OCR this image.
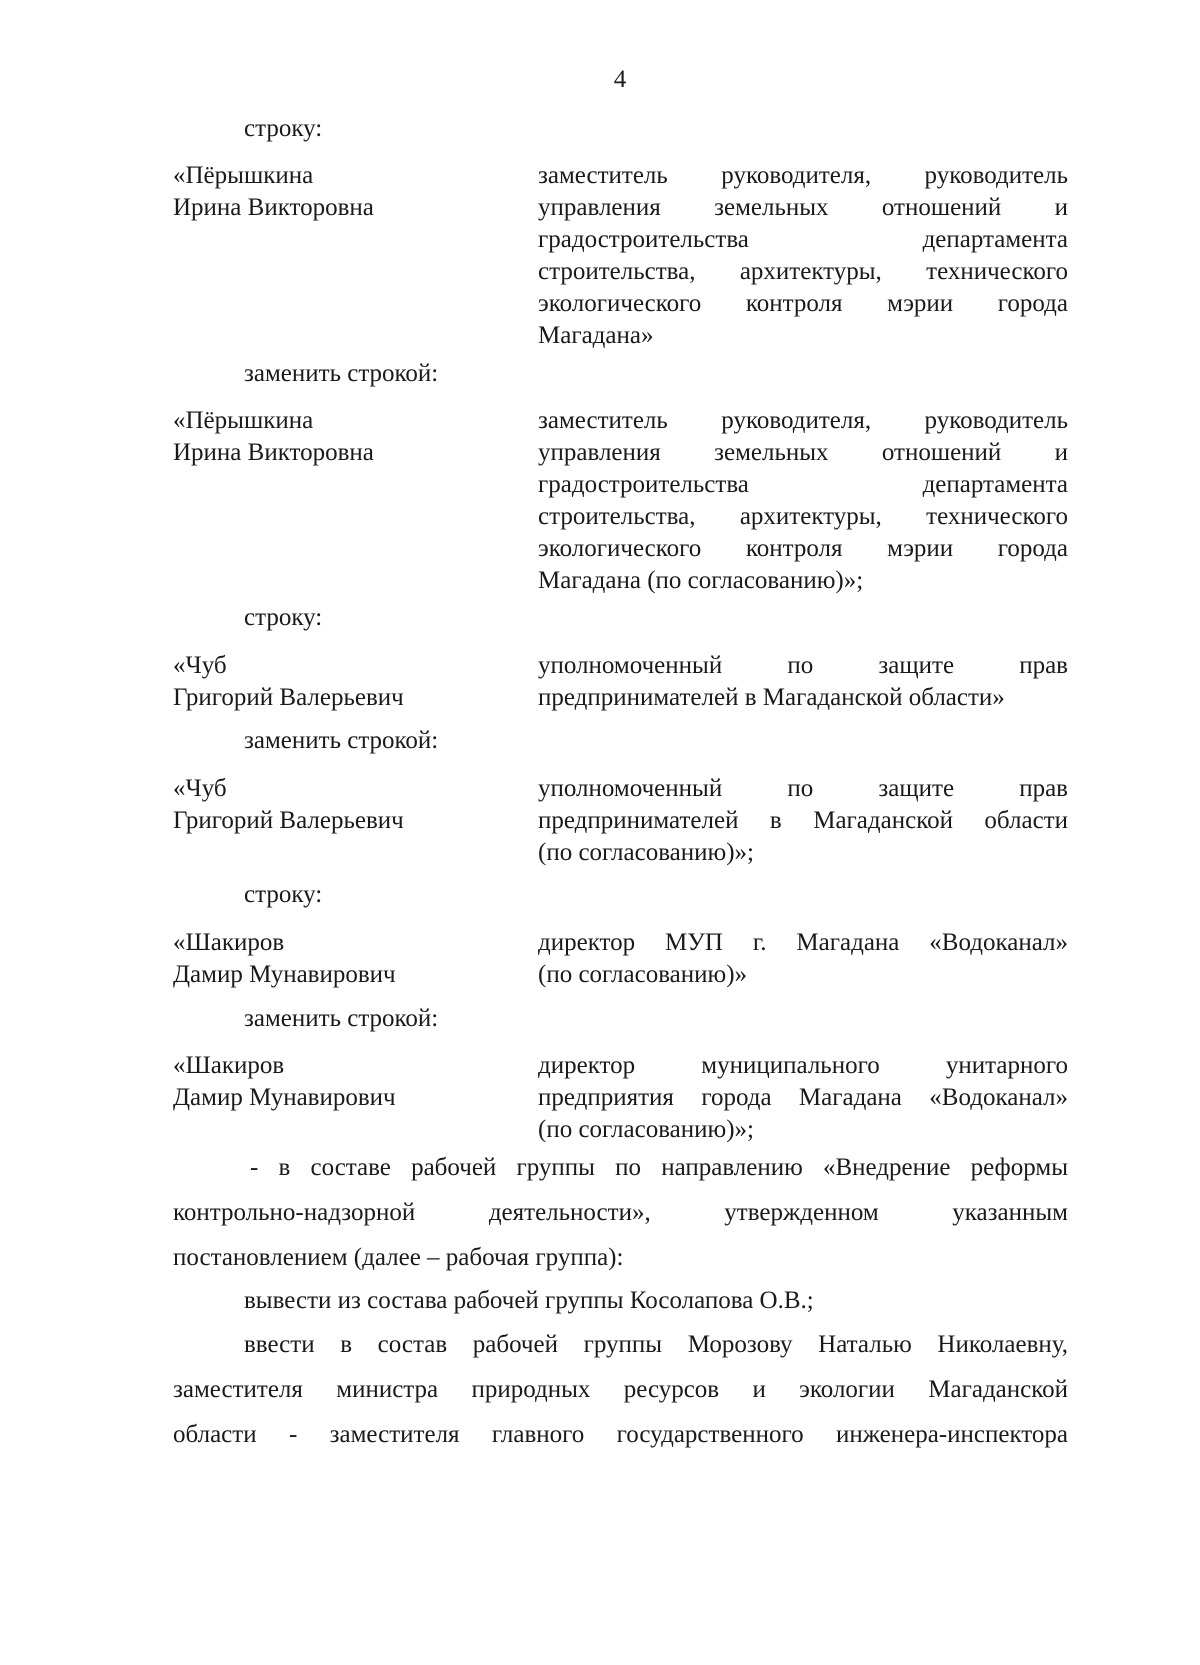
4
строку:
«Пёрышкина
Ирина Викторовна
заместитель руководителя, руководитель
управления земельных отношений и
градостроительства департамента
строительства, архитектуры, технического
экологического контроля мэрии города
Магадана»
заменить строкой:
«Пёрышкина
Ирина Викторовна
заместитель руководителя, руководитель
управления земельных отношений и
градостроительства департамента
строительства, архитектуры, технического
экологического контроля мэрии города
Магадана (по согласованию)»;
строку:
«Чуб
Григорий Валерьевич
уполномоченный по защите прав
предпринимателей в Магаданской области»
заменить строкой:
«Чуб
Григорий Валерьевич
уполномоченный по защите прав
предпринимателей в Магаданской области
(по согласованию)»;
строку:
«Шакиров
Дамир Мунавирович
директор МУП г. Магадана «Водоканал»
(по согласованию)»
заменить строкой:
«Шакиров
Дамир Мунавирович
директор муниципального унитарного
предприятия города Магадана «Водоканал»
(по согласованию)»;
- в составе рабочей группы по направлению «Внедрение реформы
контрольно-надзорной деятельности», утвержденном указанным
постановлением (далее – рабочая группа):
вывести из состава рабочей группы Косолапова О.В.;
ввести в состав рабочей группы Морозову Наталью Николаевну,
заместителя министра природных ресурсов и экологии Магаданской
области - заместителя главного государственного инженера-инспектора
